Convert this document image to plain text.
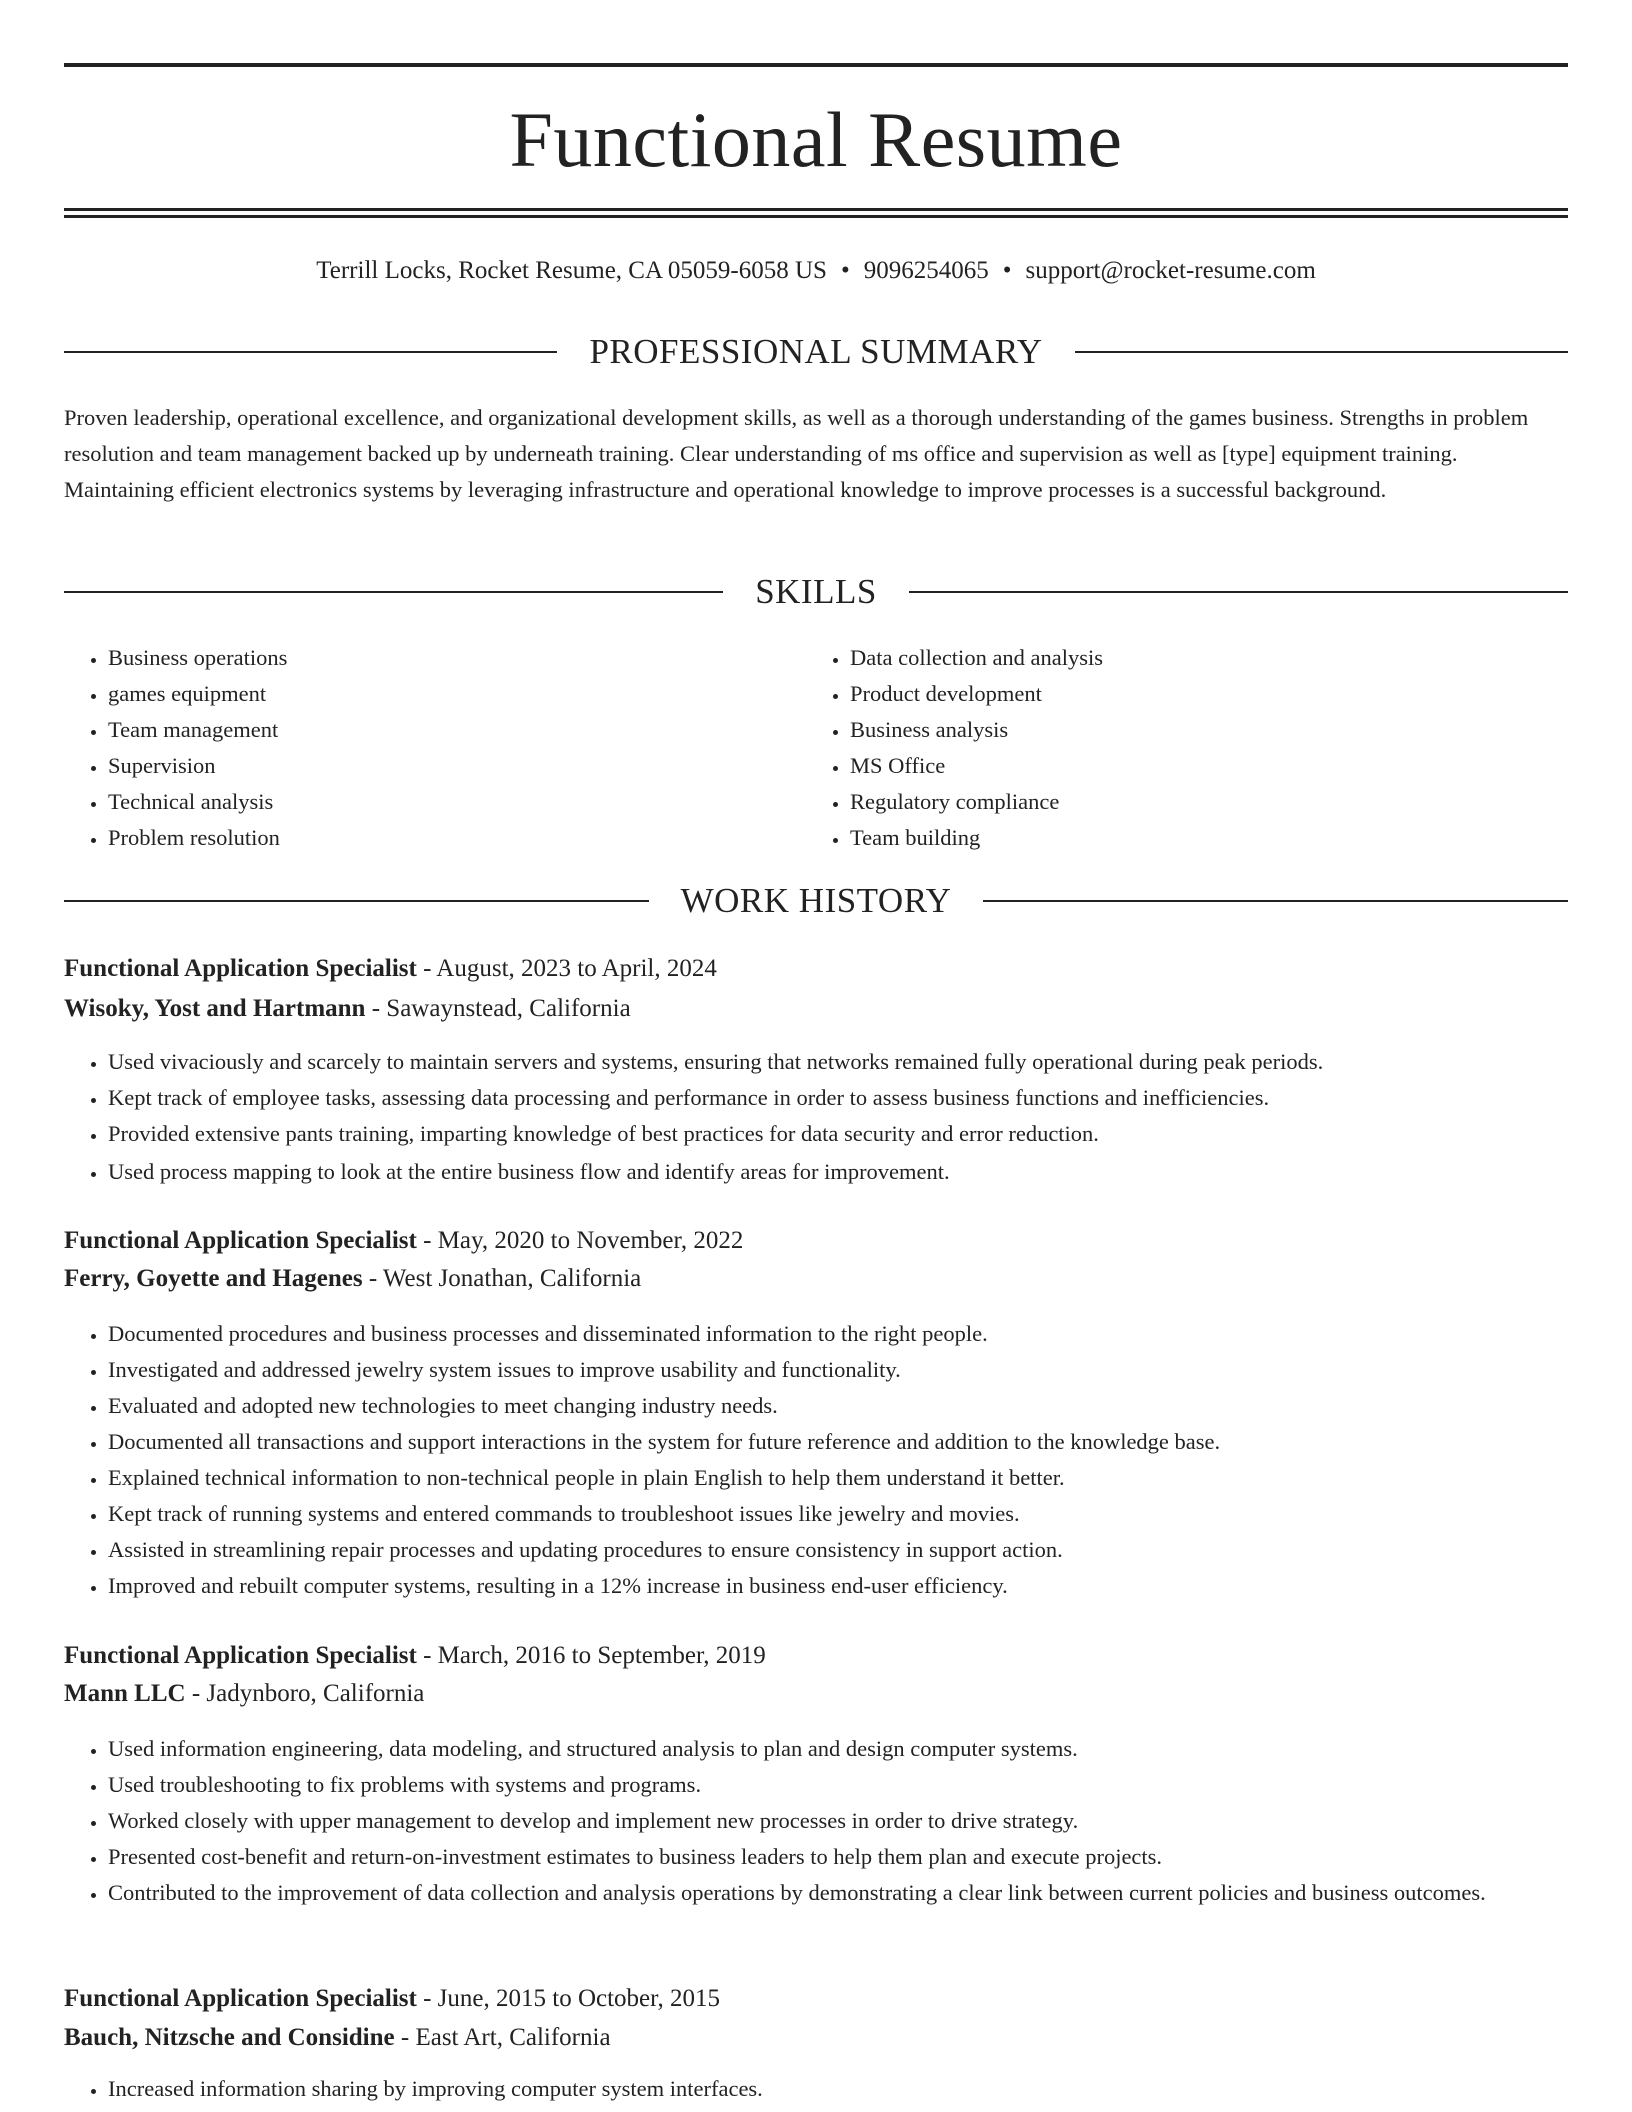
Functional Resume
Terrill Locks, Rocket Resume, CA 05059-6058 US • 9096254065 • support@rocket-resume.com
PROFESSIONAL SUMMARY

Proven leadership, operational excellence, and organizational development skills, as well as a thorough understanding of the games business. Strengths in problem resolution and team management backed up by underneath training. Clear understanding of ms office and supervision as well as [type] equipment training. Maintaining efficient electronics systems by leveraging infrastructure and operational knowledge to improve processes is a successful background.

SKILLS
• Business operations
• games equipment
• Team management
• Supervision
• Technical analysis
• Problem resolution
• Data collection and analysis
• Product development
• Business analysis
• MS Office
• Regulatory compliance
• Team building
WORK HISTORY
Functional Application Specialist - August, 2023 to April, 2024
Wisoky, Yost and Hartmann - Sawaynstead, California
• Used vivaciously and scarcely to maintain servers and systems, ensuring that networks remained fully operational during peak periods.
• Kept track of employee tasks, assessing data processing and performance in order to assess business functions and inefficiencies.
• Provided extensive pants training, imparting knowledge of best practices for data security and error reduction.
• Used process mapping to look at the entire business flow and identify areas for improvement.
Functional Application Specialist - May, 2020 to November, 2022
Ferry, Goyette and Hagenes - West Jonathan, California
• Documented procedures and business processes and disseminated information to the right people.
• Investigated and addressed jewelry system issues to improve usability and functionality.
• Evaluated and adopted new technologies to meet changing industry needs.
• Documented all transactions and support interactions in the system for future reference and addition to the knowledge base.
• Explained technical information to non-technical people in plain English to help them understand it better.
• Kept track of running systems and entered commands to troubleshoot issues like jewelry and movies.
• Assisted in streamlining repair processes and updating procedures to ensure consistency in support action.
• Improved and rebuilt computer systems, resulting in a 12% increase in business end-user efficiency.
Functional Application Specialist - March, 2016 to September, 2019
Mann LLC - Jadynboro, California
• Used information engineering, data modeling, and structured analysis to plan and design computer systems.
• Used troubleshooting to fix problems with systems and programs.
• Worked closely with upper management to develop and implement new processes in order to drive strategy.
• Presented cost-benefit and return-on-investment estimates to business leaders to help them plan and execute projects.
• Contributed to the improvement of data collection and analysis operations by demonstrating a clear link between current policies and business outcomes.
Functional Application Specialist - June, 2015 to October, 2015
Bauch, Nitzsche and Considine - East Art, California
• Increased information sharing by improving computer system interfaces.
